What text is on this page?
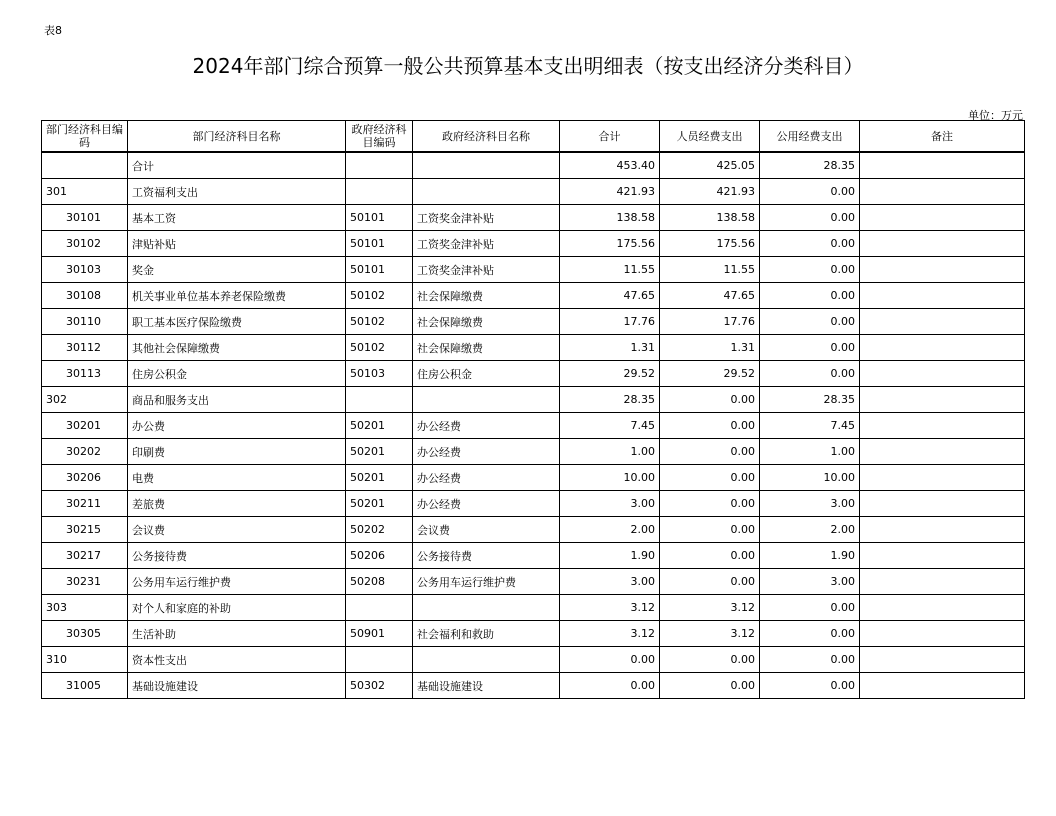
表8
2024年部门综合预算一般公共预算基本支出明细表（按支出经济分类科目）
单位：万元
部门经济科目编码	部门经济科目名称	政府经济科目编码	政府经济科目名称	合计	人员经费支出	公用经费支出	备注
	合计			453.40	425.05	28.35	
301	工资福利支出			421.93	421.93	0.00	
30101	基本工资	50101	工资奖金津补贴	138.58	138.58	0.00	
30102	津贴补贴	50101	工资奖金津补贴	175.56	175.56	0.00	
30103	奖金	50101	工资奖金津补贴	11.55	11.55	0.00	
30108	机关事业单位基本养老保险缴费	50102	社会保障缴费	47.65	47.65	0.00	
30110	职工基本医疗保险缴费	50102	社会保障缴费	17.76	17.76	0.00	
30112	其他社会保障缴费	50102	社会保障缴费	1.31	1.31	0.00	
30113	住房公积金	50103	住房公积金	29.52	29.52	0.00	
302	商品和服务支出			28.35	0.00	28.35	
30201	办公费	50201	办公经费	7.45	0.00	7.45	
30202	印刷费	50201	办公经费	1.00	0.00	1.00	
30206	电费	50201	办公经费	10.00	0.00	10.00	
30211	差旅费	50201	办公经费	3.00	0.00	3.00	
30215	会议费	50202	会议费	2.00	0.00	2.00	
30217	公务接待费	50206	公务接待费	1.90	0.00	1.90	
30231	公务用车运行维护费	50208	公务用车运行维护费	3.00	0.00	3.00	
303	对个人和家庭的补助			3.12	3.12	0.00	
30305	生活补助	50901	社会福利和救助	3.12	3.12	0.00	
310	资本性支出			0.00	0.00	0.00	
31005	基础设施建设	50302	基础设施建设	0.00	0.00	0.00	
